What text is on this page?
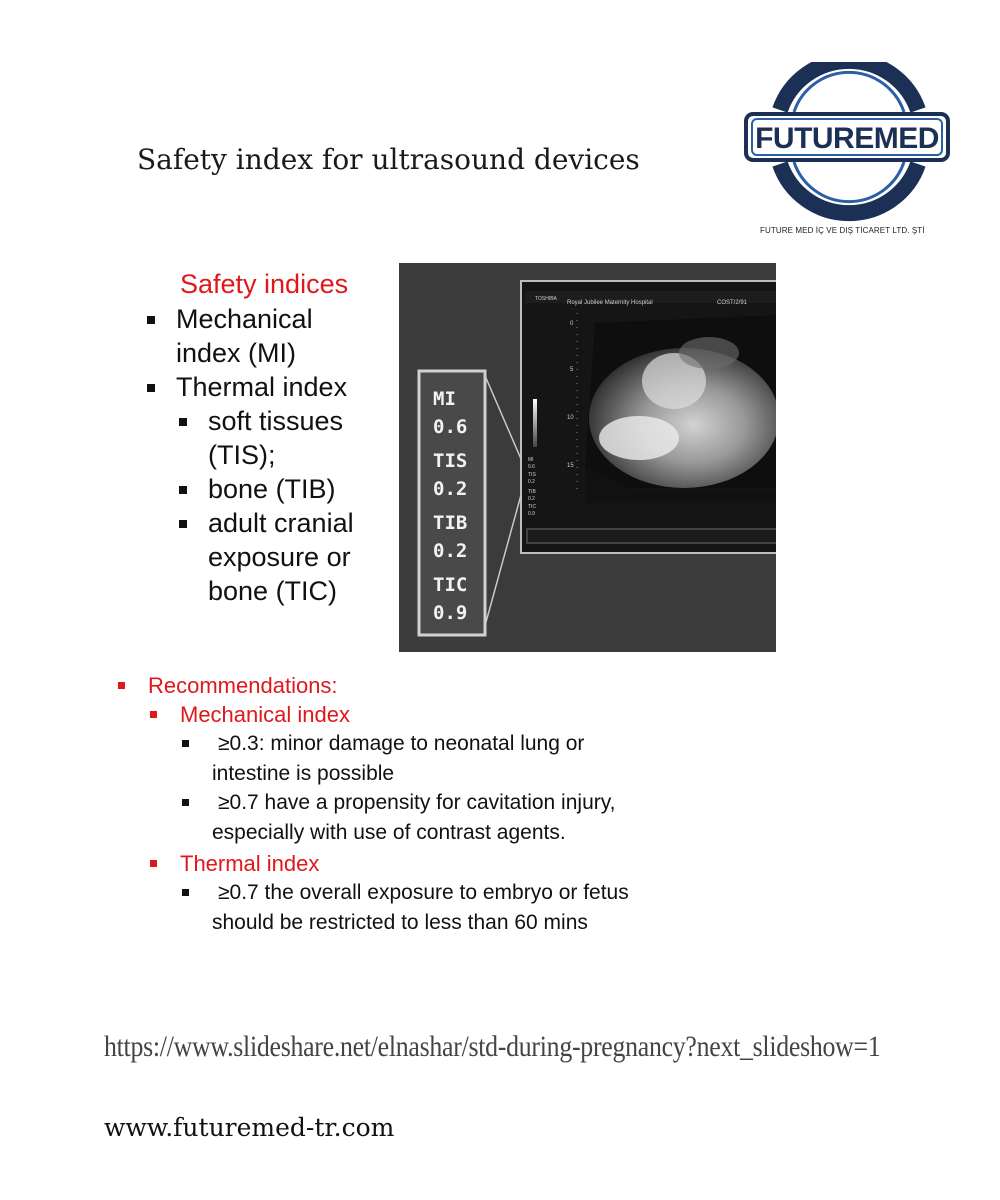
Safety index for ultrasound devices
FUTUREMED
FUTURE MED İÇ VE DIŞ TİCARET LTD. ŞTİ
Safety indices
Mechanical
index (MI)
Thermal index
soft tissues
(TIS);
bone (TIB)
adult cranial
exposure or
bone (TIC)
TOSHIBA
Royal Jubilee Maternity Hospital	COST/2/91
0
5
10
15
MI
0.6
TIS
0.2
TIB
0.2
TIC
0.9
MI
0.6
TIS
0.2
TIB
0.2
TIC
0.9
Recommendations:
Mechanical index
≥0.3: minor damage to neonatal lung or
intestine is possible
≥0.7 have a propensity for cavitation injury,
especially with use of contrast agents.
Thermal index
≥0.7 the overall exposure to embryo or fetus
should be restricted to less than 60 mins
https://www.slideshare.net/elnashar/std-during-pregnancy?next_slideshow=1
www.futuremed-tr.com
